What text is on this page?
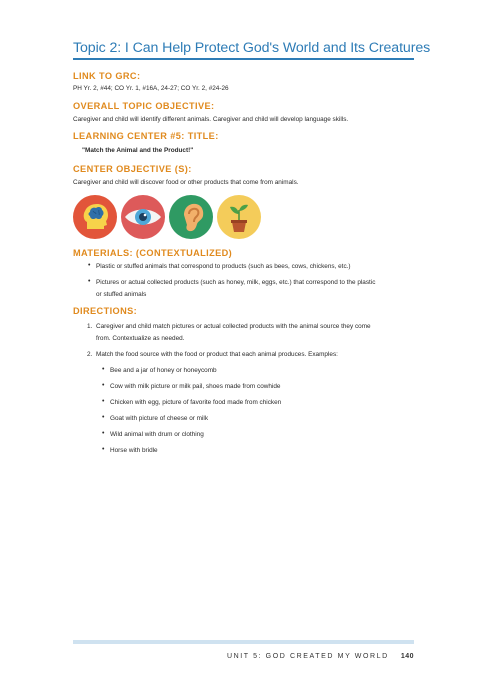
Topic 2: I Can Help Protect God's World and Its Creatures
LINK TO GRC:
PH Yr. 2, #44; CO Yr. 1, #16A, 24-27; CO Yr. 2, #24-26
OVERALL TOPIC OBJECTIVE:
Caregiver and child will identify different animals. Caregiver and child will develop language skills.
LEARNING CENTER #5: TITLE:
"Match the Animal and the Product!"
CENTER OBJECTIVE (S):
Caregiver and child will discover food or other products that come from animals.
MATERIALS: (CONTEXTUALIZED)
• Plastic or stuffed animals that correspond to products (such as bees, cows, chickens, etc.)
• Pictures or actual collected products (such as honey, milk, eggs, etc.) that correspond to the plastic
or stuffed animals
DIRECTIONS:
1. Caregiver and child match pictures or actual collected products with the animal source they come
from. Contextualize as needed.
2. Match the food source with the food or product that each animal produces. Examples:
• Bee and a jar of honey or honeycomb
• Cow with milk picture or milk pail, shoes made from cowhide
• Chicken with egg, picture of favorite food made from chicken
• Goat with picture of cheese or milk
• Wild animal with drum or clothing
• Horse with bridle
UNIT 5: GOD CREATED MY WORLD 140
